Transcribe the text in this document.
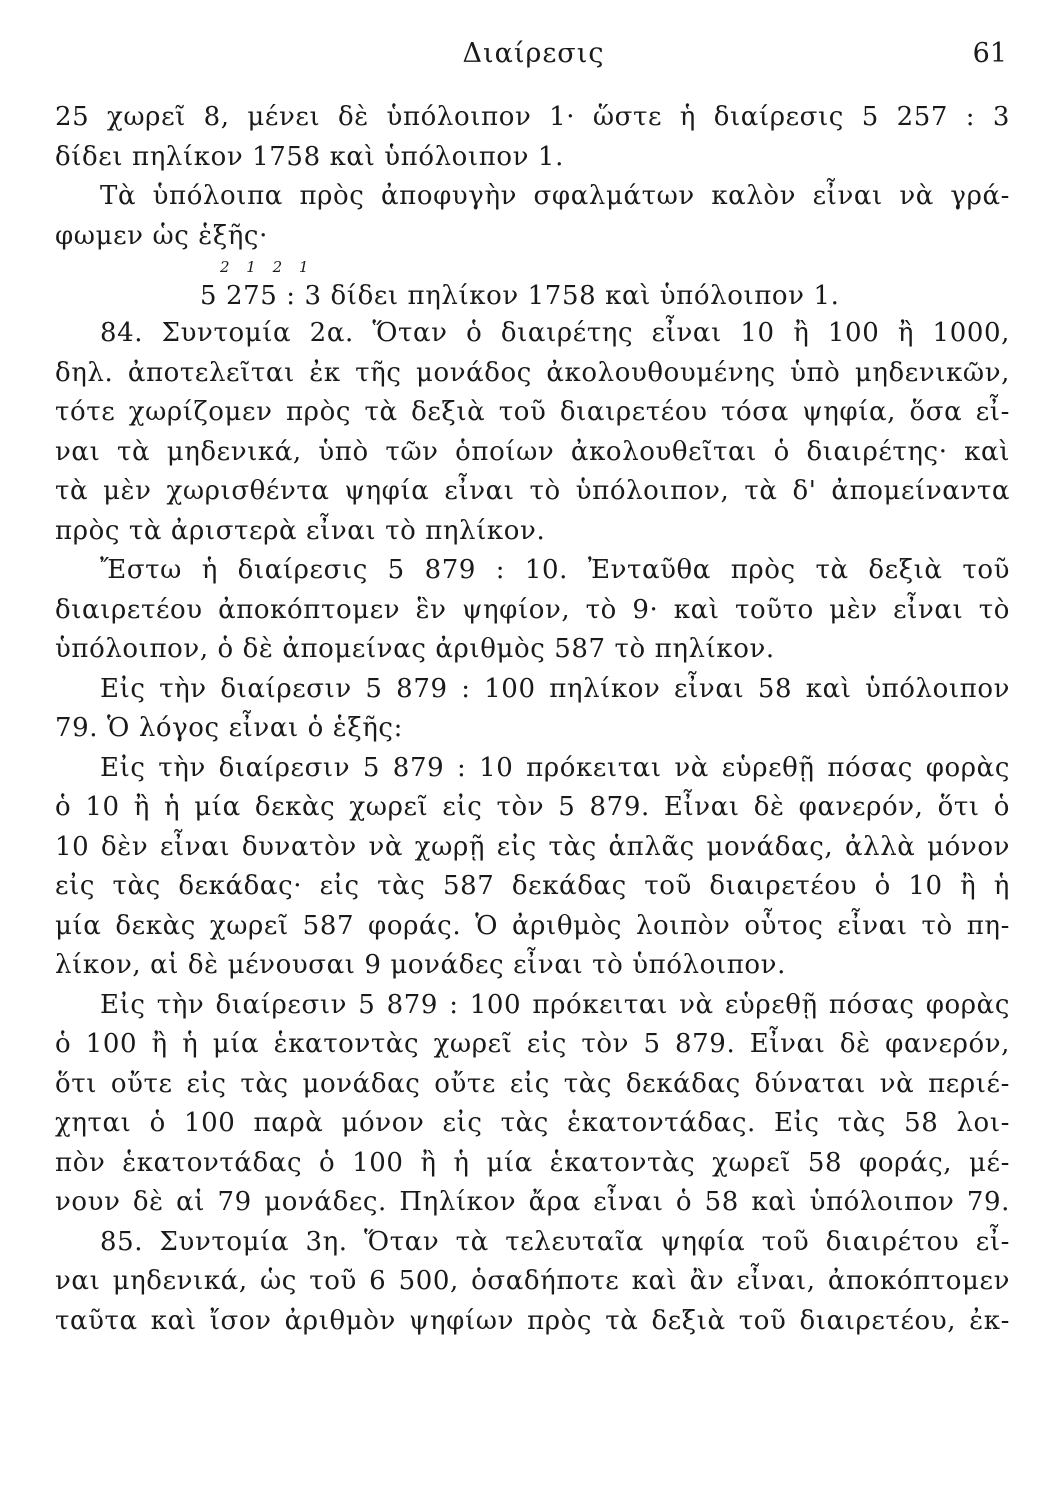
Διαίρεσις	61
25 χωρεῖ 8, μένει δὲ ὑπόλοιπον 1· ὥστε ἡ διαίρεσις 5 257 : 3
δίδει πηλίκον 1758 καὶ ὑπόλοιπον 1.
Τὰ ὑπόλοιπα πρὸς ἀποφυγὴν σφαλμάτων καλὸν εἶναι νὰ γρά-
φωμεν ὡς ἑξῆς·
2 1 2 1
5 275 : 3 δίδει πηλίκον 1758 καὶ ὑπόλοιπον 1.
84. Συντομία 2α. Ὅταν ὁ διαιρέτης εἶναι 10 ἢ 100 ἢ 1000,
δηλ. ἀποτελεῖται ἐκ τῆς μονάδος ἀκολουθουμένης ὑπὸ μηδενικῶν,
τότε χωρίζομεν πρὸς τὰ δεξιὰ τοῦ διαιρετέου τόσα ψηφία, ὅσα εἶ-
ναι τὰ μηδενικά, ὑπὸ τῶν ὁποίων ἀκολουθεῖται ὁ διαιρέτης· καὶ
τὰ μὲν χωρισθέντα ψηφία εἶναι τὸ ὑπόλοιπον, τὰ δ' ἀπομείναντα
πρὸς τὰ ἀριστερὰ εἶναι τὸ πηλίκον.
Ἔστω ἡ διαίρεσις 5 879 : 10. Ἐνταῦθα πρὸς τὰ δεξιὰ τοῦ
διαιρετέου ἀποκόπτομεν ἓν ψηφίον, τὸ 9· καὶ τοῦτο μὲν εἶναι τὸ
ὑπόλοιπον, ὁ δὲ ἀπομείνας ἀριθμὸς 587 τὸ πηλίκον.
Εἰς τὴν διαίρεσιν 5 879 : 100 πηλίκον εἶναι 58 καὶ ὑπόλοιπον
79. Ὁ λόγος εἶναι ὁ ἑξῆς:
Εἰς τὴν διαίρεσιν 5 879 : 10 πρόκειται νὰ εὑρεθῇ πόσας φορὰς
ὁ 10 ἢ ἡ μία δεκὰς χωρεῖ εἰς τὸν 5 879. Εἶναι δὲ φανερόν, ὅτι ὁ
10 δὲν εἶναι δυνατὸν νὰ χωρῇ εἰς τὰς ἁπλᾶς μονάδας, ἀλλὰ μόνον
εἰς τὰς δεκάδας· εἰς τὰς 587 δεκάδας τοῦ διαιρετέου ὁ 10 ἢ ἡ
μία δεκὰς χωρεῖ 587 φοράς. Ὁ ἀριθμὸς λοιπὸν οὗτος εἶναι τὸ πη-
λίκον, αἱ δὲ μένουσαι 9 μονάδες εἶναι τὸ ὑπόλοιπον.
Εἰς τὴν διαίρεσιν 5 879 : 100 πρόκειται νὰ εὑρεθῇ πόσας φορὰς
ὁ 100 ἢ ἡ μία ἑκατοντὰς χωρεῖ εἰς τὸν 5 879. Εἶναι δὲ φανερόν,
ὅτι οὔτε εἰς τὰς μονάδας οὔτε εἰς τὰς δεκάδας δύναται νὰ περιέ-
χηται ὁ 100 παρὰ μόνον εἰς τὰς ἑκατοντάδας. Εἰς τὰς 58 λοι-
πὸν ἑκατοντάδας ὁ 100 ἢ ἡ μία ἑκατοντὰς χωρεῖ 58 φοράς, μέ-
νουν δὲ αἱ 79 μονάδες. Πηλίκον ἄρα εἶναι ὁ 58 καὶ ὑπόλοιπον 79.
85. Συντομία 3η. Ὅταν τὰ τελευταῖα ψηφία τοῦ διαιρέτου εἶ-
ναι μηδενικά, ὡς τοῦ 6 500, ὁσαδήποτε καὶ ἂν εἶναι, ἀποκόπτομεν
ταῦτα καὶ ἴσον ἀριθμὸν ψηφίων πρὸς τὰ δεξιὰ τοῦ διαιρετέου, ἐκ-
